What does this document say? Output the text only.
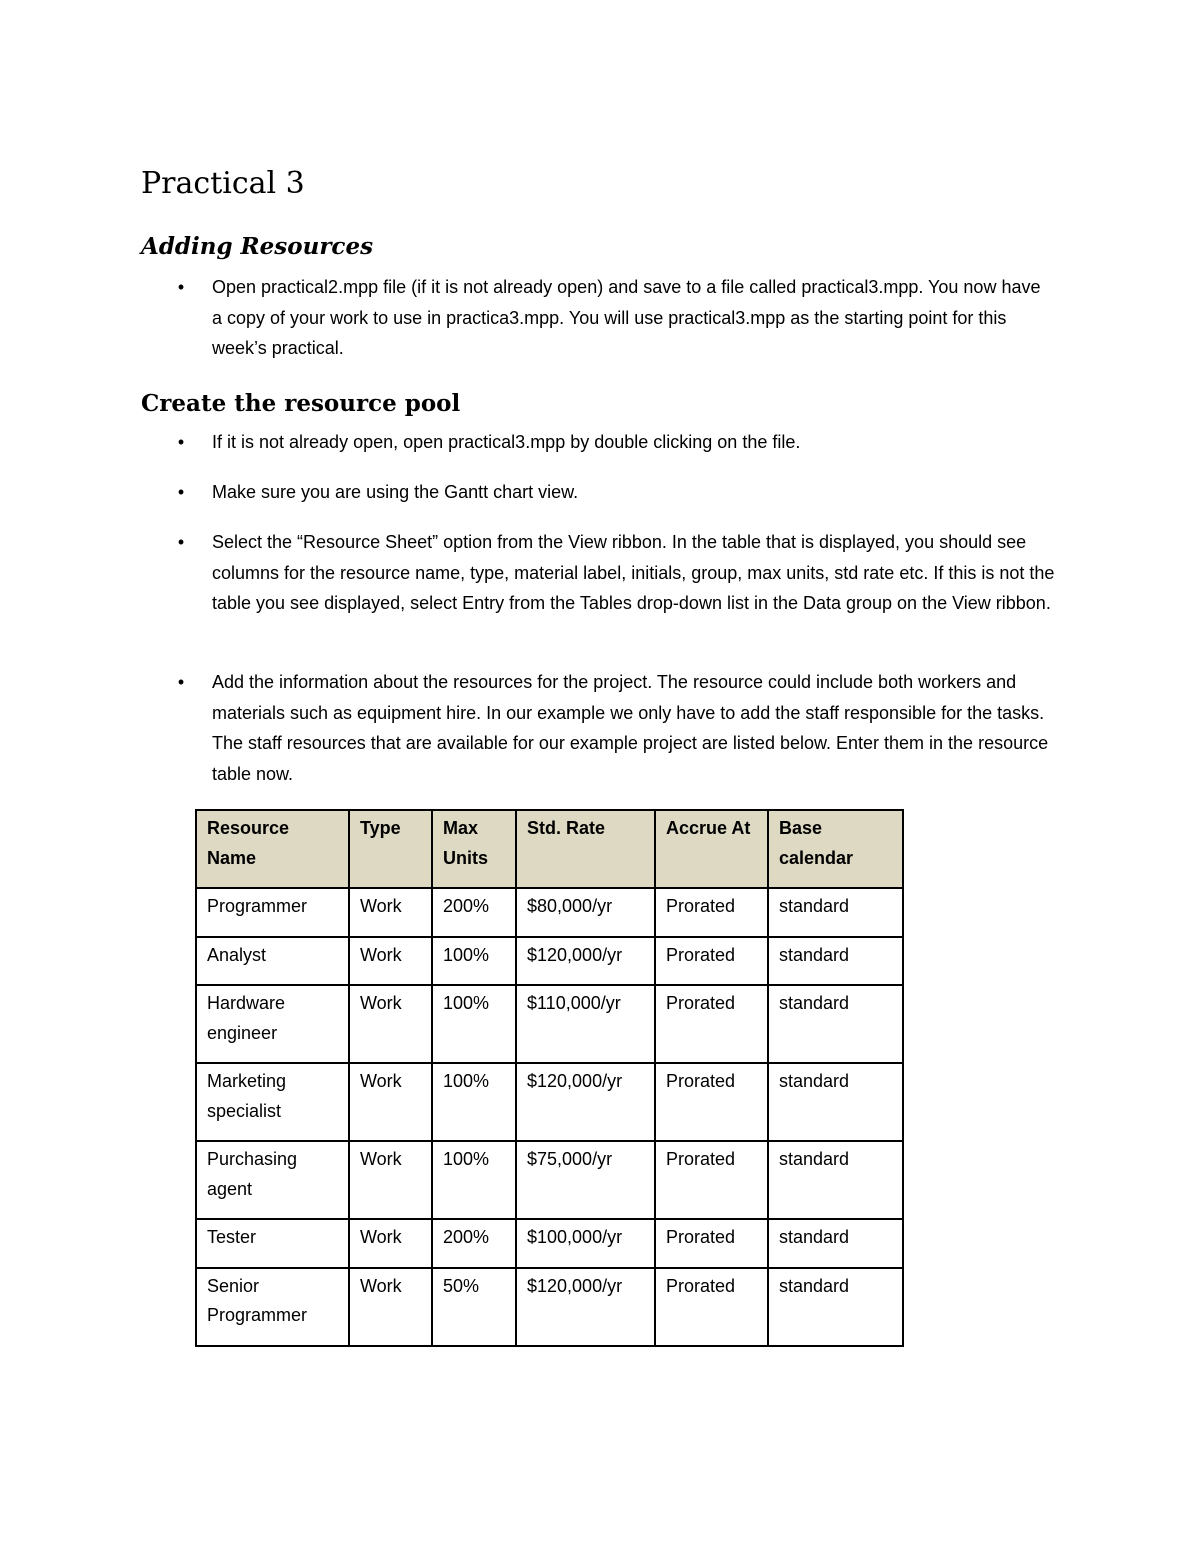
Practical 3
Adding Resources
• Open practical2.mpp file (if it is not already open) and save to a file called practical3.mpp. You now have a copy of your work to use in practica3.mpp. You will use practical3.mpp as the starting point for this week’s practical.
Create the resource pool
• If it is not already open, open practical3.mpp by double clicking on the file.
• Make sure you are using the Gantt chart view.
• Select the “Resource Sheet” option from the View ribbon. In the table that is displayed, you should see columns for the resource name, type, material label, initials, group, max units, std rate etc. If this is not the table you see displayed, select Entry from the Tables drop-down list in the Data group on the View ribbon.
• Add the information about the resources for the project. The resource could include both workers and materials such as equipment hire. In our example we only have to add the staff responsible for the tasks. The staff resources that are available for our example project are listed below. Enter them in the resource table now.
Resource Name	Type	Max Units	Std. Rate	Accrue At	Base calendar
Programmer	Work	200%	$80,000/yr	Prorated	standard
Analyst	Work	100%	$120,000/yr	Prorated	standard
Hardware engineer	Work	100%	$110,000/yr	Prorated	standard
Marketing specialist	Work	100%	$120,000/yr	Prorated	standard
Purchasing agent	Work	100%	$75,000/yr	Prorated	standard
Tester	Work	200%	$100,000/yr	Prorated	standard
Senior Programmer	Work	50%	$120,000/yr	Prorated	standard
